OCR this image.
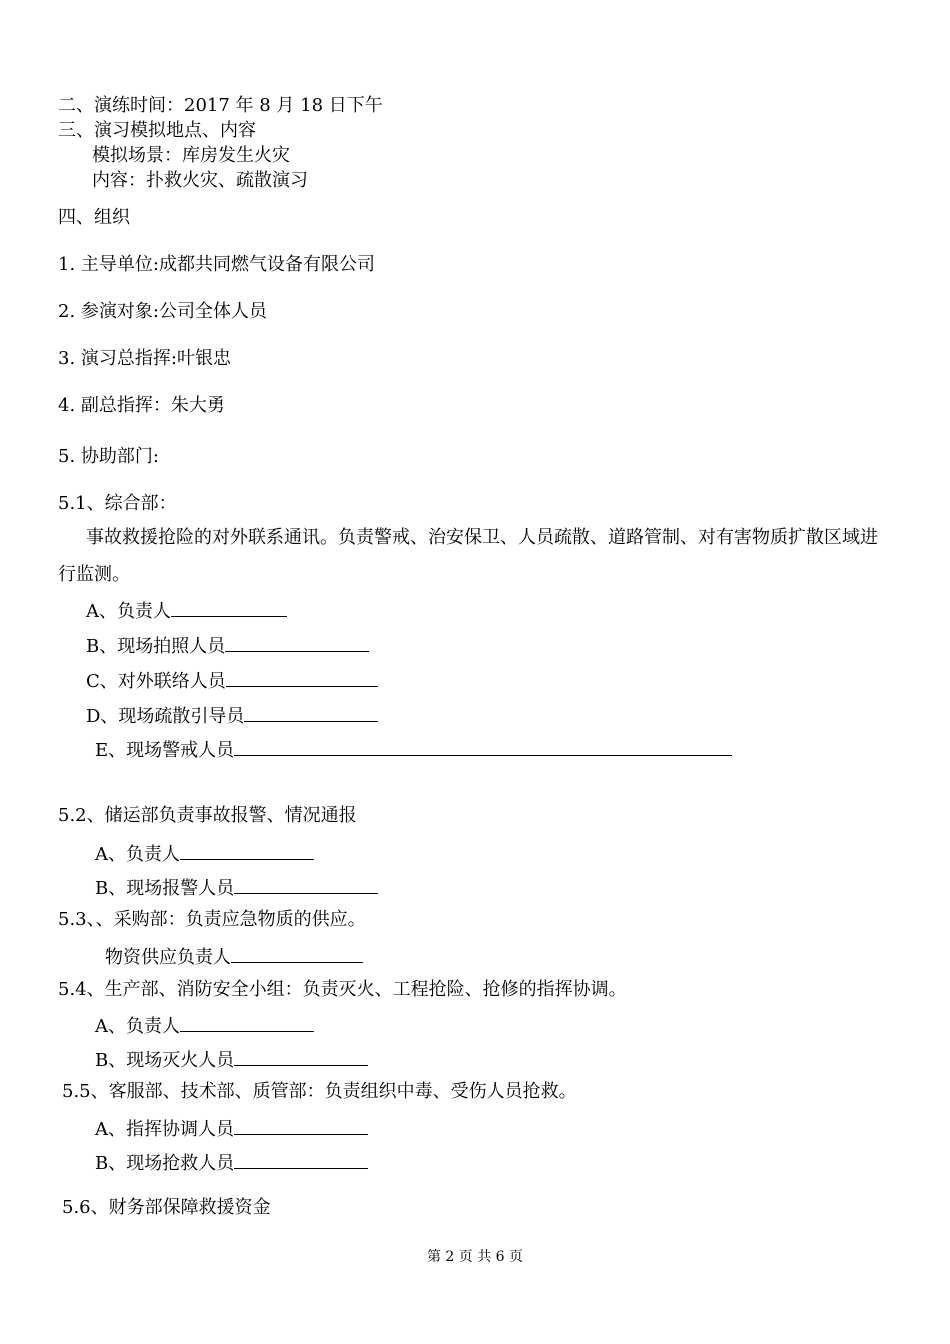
二、演练时间：2017 年 8 月 18 日下午
三、演习模拟地点、内容
模拟场景：库房发生火灾
内容：扑救火灾、疏散演习
四、组织
1. 主导单位:成都共同燃气设备有限公司
2. 参演对象:公司全体人员
3. 演习总指挥:叶银忠
4. 副总指挥：朱大勇
5. 协助部门:
5.1、综合部：
事故救援抢险的对外联系通讯。负责警戒、治安保卫、人员疏散、道路管制、对有害物质扩散区域进
行监测。
A、负责人
B、现场拍照人员
C、对外联络人员
D、现场疏散引导员
E、现场警戒人员
5.2、储运部负责事故报警、情况通报
A、负责人
B、现场报警人员
5.3、、采购部：负责应急物质的供应。
物资供应负责人
5.4、生产部、消防安全小组：负责灭火、工程抢险、抢修的指挥协调。
A、负责人
B、现场灭火人员
5.5、客服部、技术部、质管部：负责组织中毒、受伤人员抢救。
A、指挥协调人员
B、现场抢救人员
5.6、财务部保障救援资金
第 2 页 共 6 页
